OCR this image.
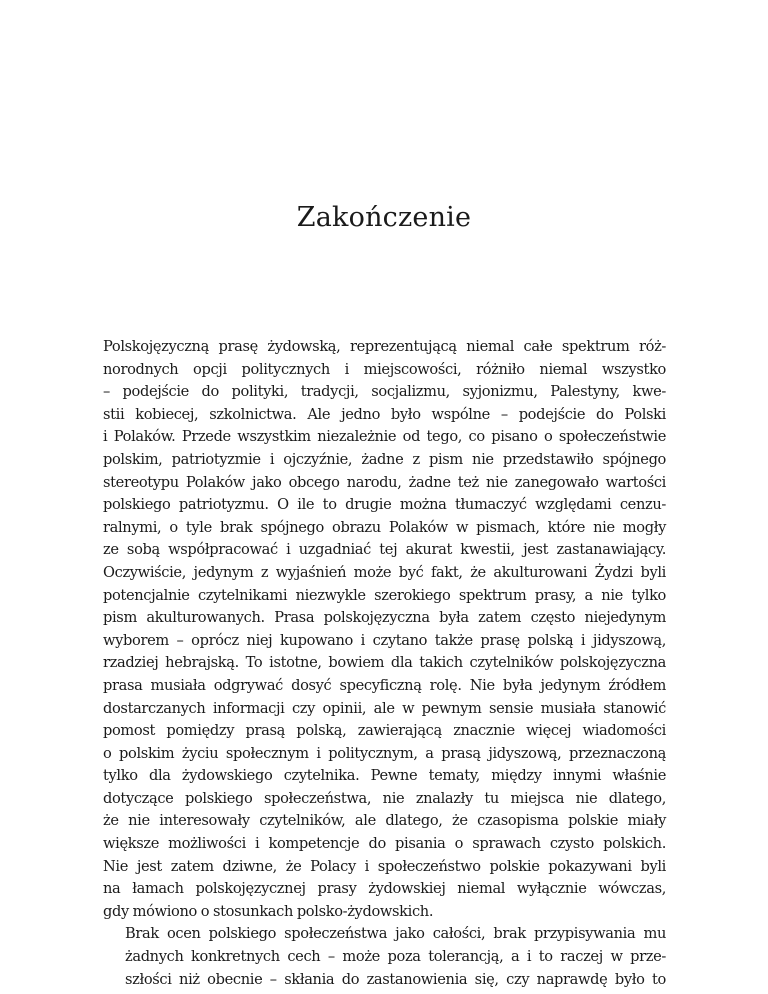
Zakończenie

Polskojęzyczną prasę żydowską, reprezentującą niemal całe spektrum róż-
norodnych opcji politycznych i miejscowości, różniło niemal wszystko
– podejście do polityki, tradycji, socjalizmu, syjonizmu, Palestyny, kwe-
stii kobiecej, szkolnictwa. Ale jedno było wspólne – podejście do Polski
i Polaków. Przede wszystkim niezależnie od tego, co pisano o społeczeństwie
polskim, patriotyzmie i ojczyźnie, żadne z pism nie przedstawiło spójnego
stereotypu Polaków jako obcego narodu, żadne też nie zanegowało wartości
polskiego patriotyzmu. O ile to drugie można tłumaczyć względami cenzu-
ralnymi, o tyle brak spójnego obrazu Polaków w pismach, które nie mogły
ze sobą współpracować i uzgadniać tej akurat kwestii, jest zastanawiający.
Oczywiście, jedynym z wyjaśnień może być fakt, że akulturowani Żydzi byli
potencjalnie czytelnikami niezwykle szerokiego spektrum prasy, a nie tylko
pism akulturowanych. Prasa polskojęzyczna była zatem często niejedynym
wyborem – oprócz niej kupowano i czytano także prasę polską i jidyszową,
rzadziej hebrajską. To istotne, bowiem dla takich czytelników polskojęzyczna
prasa musiała odgrywać dosyć specyficzną rolę. Nie była jedynym źródłem
dostarczanych informacji czy opinii, ale w pewnym sensie musiała stanowić
pomost pomiędzy prasą polską, zawierającą znacznie więcej wiadomości
o polskim życiu społecznym i politycznym, a prasą jidyszową, przeznaczoną
tylko dla żydowskiego czytelnika. Pewne tematy, między innymi właśnie
dotyczące polskiego społeczeństwa, nie znalazły tu miejsca nie dlatego,
że nie interesowały czytelników, ale dlatego, że czasopisma polskie miały
większe możliwości i kompetencje do pisania o sprawach czysto polskich.
Nie jest zatem dziwne, że Polacy i społeczeństwo polskie pokazywani byli
na łamach polskojęzycznej prasy żydowskiej niemal wyłącznie wówczas,
gdy mówiono o stosunkach polsko-żydowskich.

Brak ocen polskiego społeczeństwa jako całości, brak przypisywania mu
żadnych konkretnych cech – może poza tolerancją, a i to raczej w prze-
szłości niż obecnie – skłania do zastanowienia się, czy naprawdę było to
